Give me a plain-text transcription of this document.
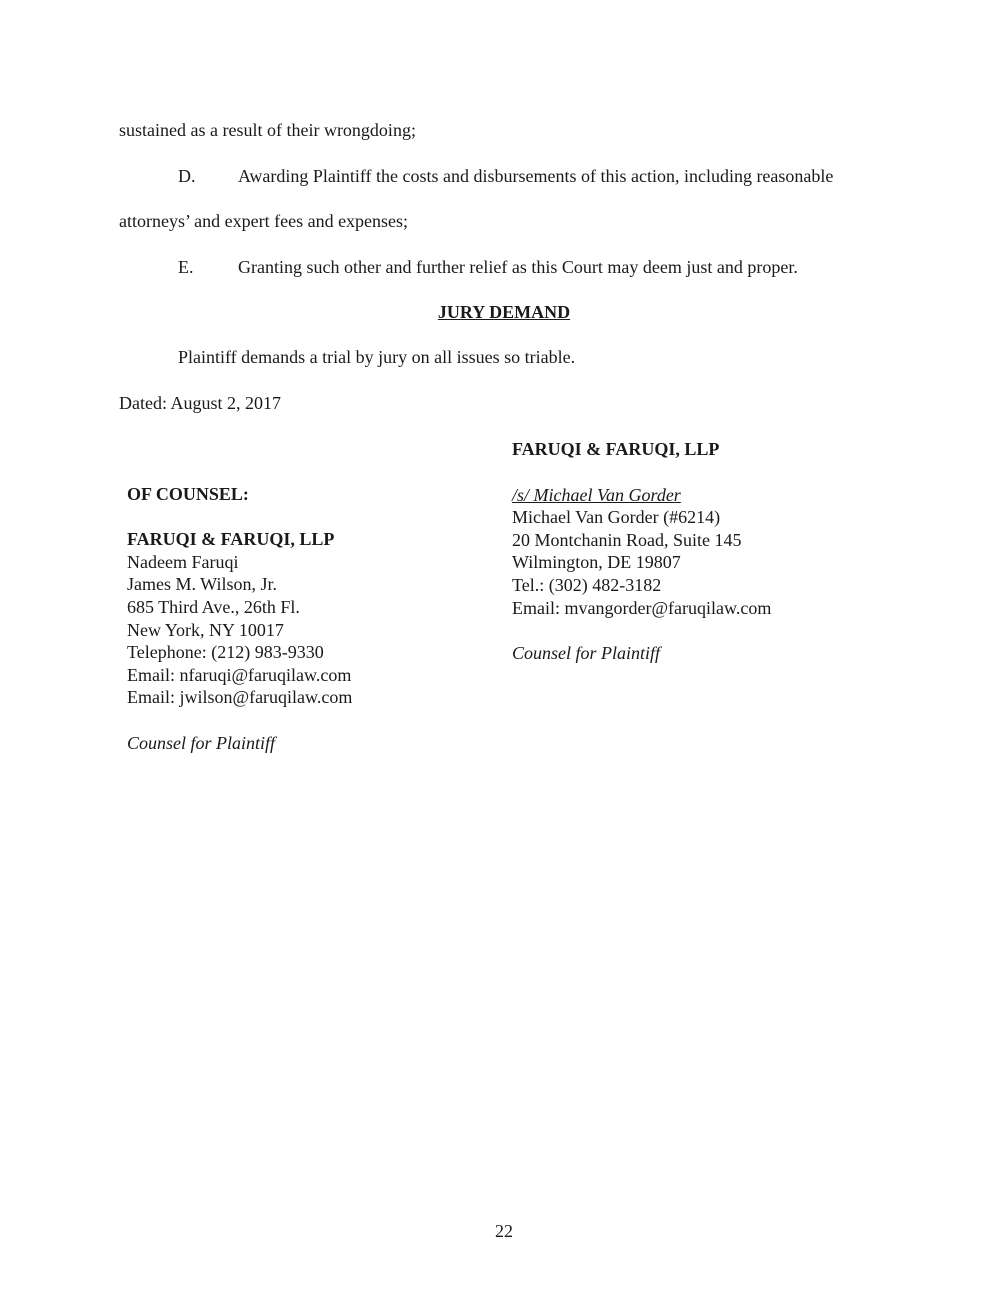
sustained as a result of their wrongdoing;
D. Awarding Plaintiff the costs and disbursements of this action, including reasonable
attorneys’ and expert fees and expenses;
E. Granting such other and further relief as this Court may deem just and proper.
JURY DEMAND
Plaintiff demands a trial by jury on all issues so triable.
Dated: August 2, 2017
FARUQI & FARUQI, LLP
/s/ Michael Van Gorder
Michael Van Gorder (#6214)
20 Montchanin Road, Suite 145
Wilmington, DE 19807
Tel.: (302) 482-3182
Email: mvangorder@faruqilaw.com
Counsel for Plaintiff
OF COUNSEL:
FARUQI & FARUQI, LLP
Nadeem Faruqi
James M. Wilson, Jr.
685 Third Ave., 26th Fl.
New York, NY 10017
Telephone: (212) 983-9330
Email: nfaruqi@faruqilaw.com
Email: jwilson@faruqilaw.com
Counsel for Plaintiff
22
